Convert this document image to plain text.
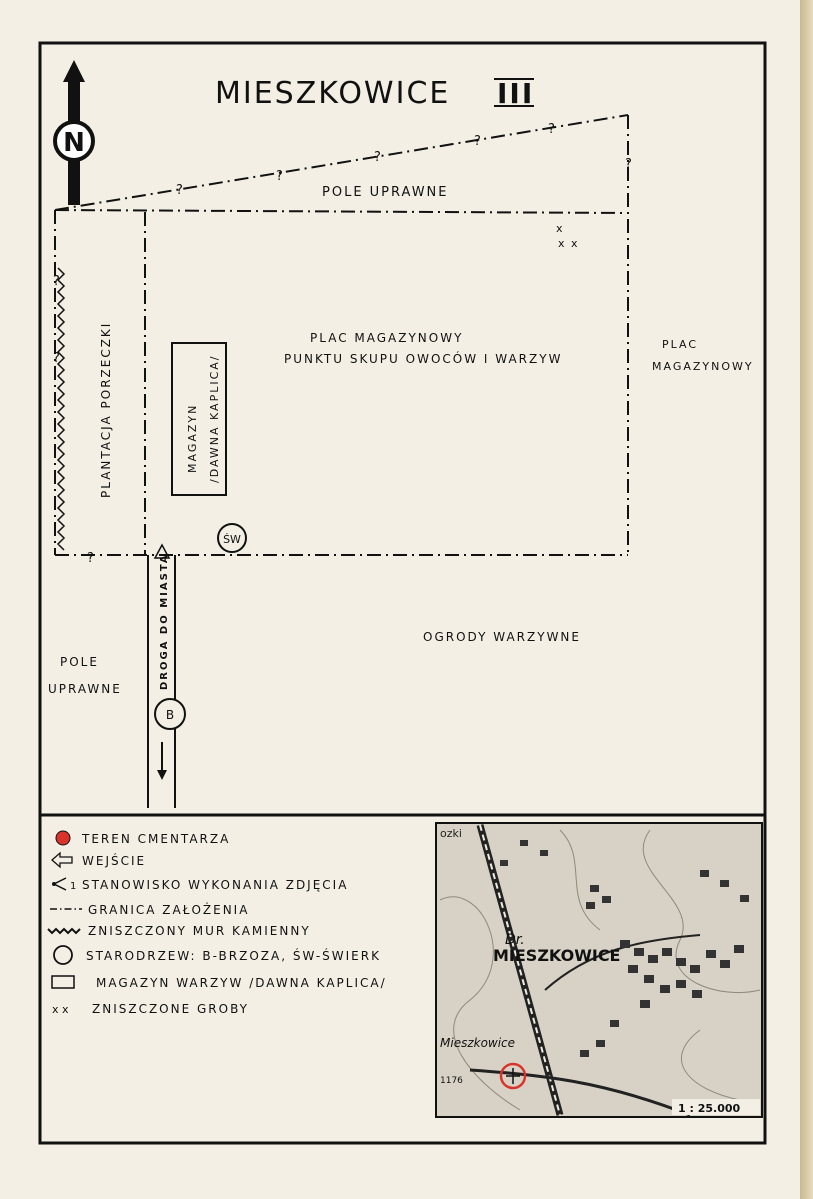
MIESZKOWICE III
N
?
?
?
?
?
?
?
?
?
x
x x
POLE UPRAWNE
PLAC MAGAZYNOWY
PUNKTU SKUPU OWOCÓW I WARZYW
PLAC
MAGAZYNOWY
PLANTACJA PORZECZKI	MAGAZYN /DAWNA KAPLICA/
ŚW
DROGA DO MIASTA
B
OGRODY WARZYWNE
POLE
UPRAWNE
TEREN CMENTARZA
WEJŚCIE
1 STANOWISKO WYKONANIA ZDJĘCIA
GRANICA ZAŁOŻENIA
ZNISZCZONY MUR KAMIENNY
STARODRZEW: B-BRZOZA, ŚW-ŚWIERK
MAGAZYN WARZYW /DAWNA KAPLICA/
x x ZNISZCZONE GROBY
ozki
Dr.
MIESZKOWICE
Mieszkowice
1176
1 : 25.000
